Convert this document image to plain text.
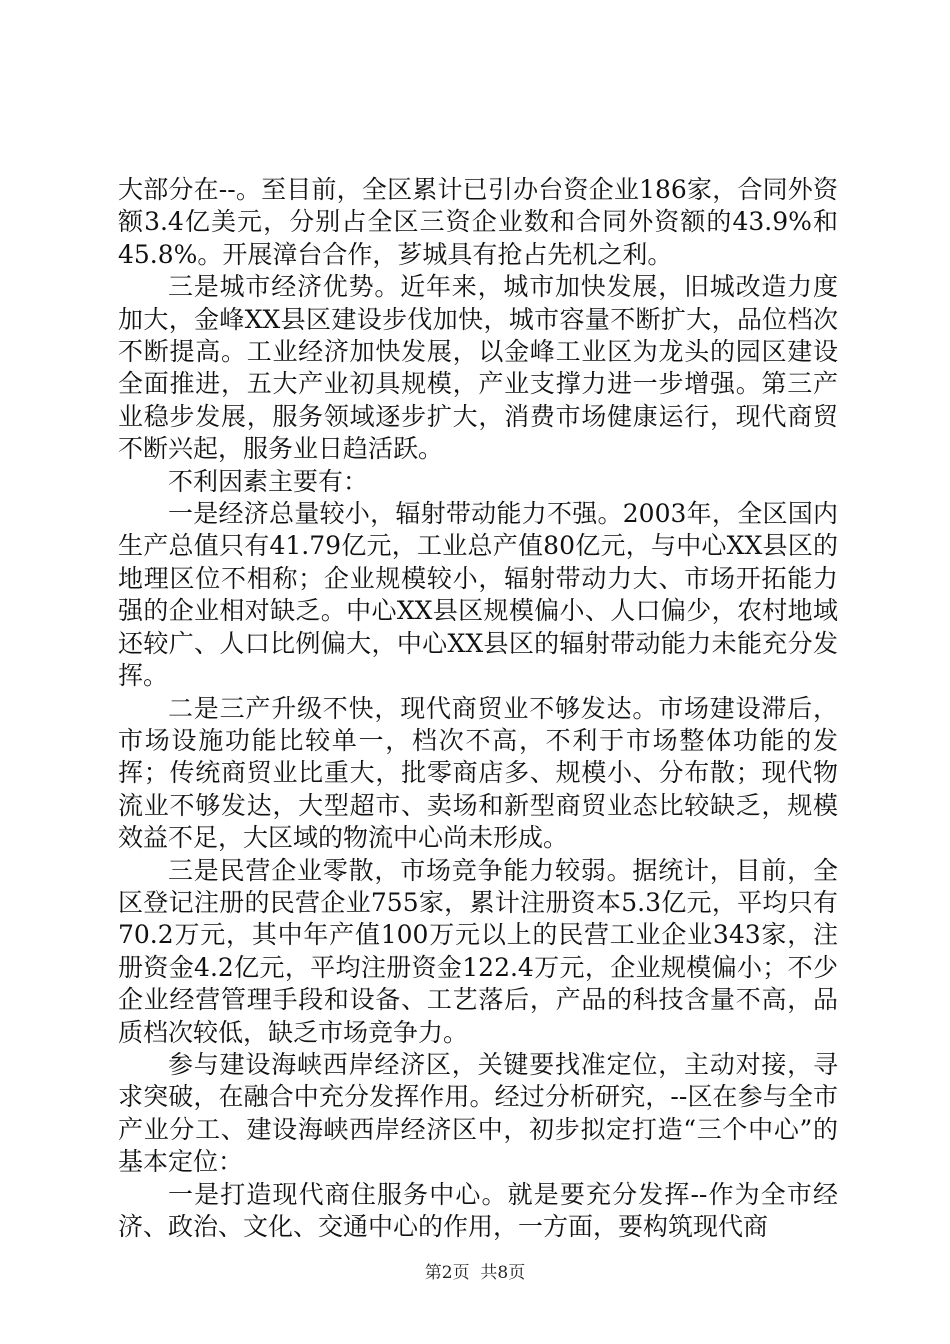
大部分在--。至目前，全区累计已引办台资企业186家，合同外资额3.4亿美元，分别占全区三资企业数和合同外资额的43.9%和45.8%。开展漳台合作，芗城具有抢占先机之利。

三是城市经济优势。近年来，城市加快发展，旧城改造力度加大，金峰XX县区建设步伐加快，城市容量不断扩大，品位档次不断提高。工业经济加快发展，以金峰工业区为龙头的园区建设全面推进，五大产业初具规模，产业支撑力进一步增强。第三产业稳步发展，服务领域逐步扩大，消费市场健康运行，现代商贸不断兴起，服务业日趋活跃。

不利因素主要有：

一是经济总量较小，辐射带动能力不强。2003年，全区国内生产总值只有41.79亿元，工业总产值80亿元，与中心XX县区的地理区位不相称；企业规模较小，辐射带动力大、市场开拓能力强的企业相对缺乏。中心XX县区规模偏小、人口偏少，农村地域还较广、人口比例偏大，中心XX县区的辐射带动能力未能充分发挥。

二是三产升级不快，现代商贸业不够发达。市场建设滞后，市场设施功能比较单一，档次不高，不利于市场整体功能的发挥；传统商贸业比重大，批零商店多、规模小、分布散；现代物流业不够发达，大型超市、卖场和新型商贸业态比较缺乏，规模效益不足，大区域的物流中心尚未形成。

三是民营企业零散，市场竞争能力较弱。据统计，目前，全区登记注册的民营企业755家，累计注册资本5.3亿元，平均只有70.2万元，其中年产值100万元以上的民营工业企业343家，注册资金4.2亿元，平均注册资金122.4万元，企业规模偏小；不少企业经营管理手段和设备、工艺落后，产品的科技含量不高，品质档次较低，缺乏市场竞争力。

参与建设海峡西岸经济区，关键要找准定位，主动对接，寻求突破，在融合中充分发挥作用。经过分析研究，--区在参与全市产业分工、建设海峡西岸经济区中，初步拟定打造“三个中心”的基本定位：

一是打造现代商住服务中心。就是要充分发挥--作为全市经济、政治、文化、交通中心的作用，一方面，要构筑现代商

第2页  共8页
